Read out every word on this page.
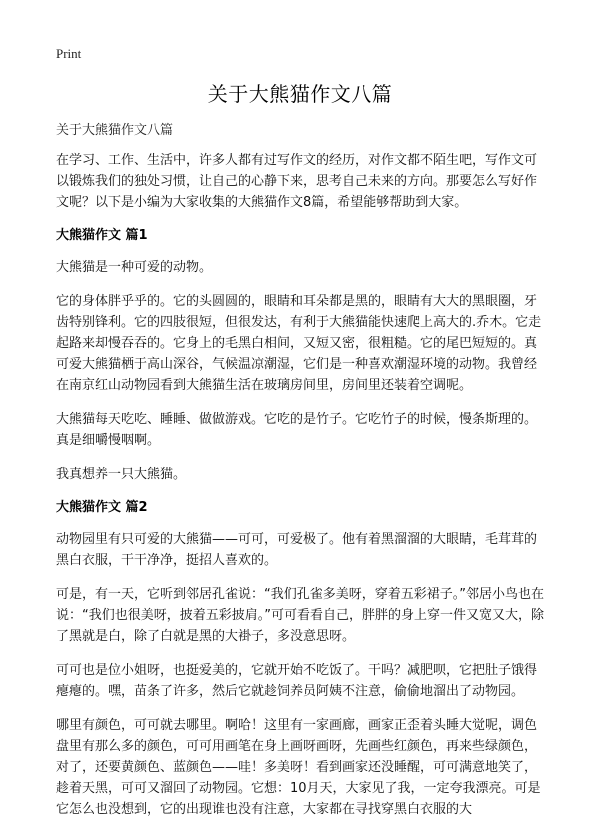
Print
关于大熊猫作文八篇
关于大熊猫作文八篇

在学习、工作、生活中，许多人都有过写作文的经历，对作文都不陌生吧，写作文可以锻炼我们的独处习惯，让自己的心静下来，思考自己未来的方向。那要怎么写好作文呢？以下是小编为大家收集的大熊猫作文8篇，希望能够帮助到大家。

大熊猫作文 篇1

大熊猫是一种可爱的动物。

它的身体胖乎乎的。它的头圆圆的，眼睛和耳朵都是黑的，眼睛有大大的黑眼圈，牙齿特别锋利。它的四肢很短，但很发达，有利于大熊猫能快速爬上高大的.乔木。它走起路来却慢吞吞的。它身上的毛黑白相间，又短又密，很粗糙。它的尾巴短短的。真可爱大熊猫栖于高山深谷，气候温凉潮湿，它们是一种喜欢潮湿环境的动物。我曾经在南京红山动物园看到大熊猫生活在玻璃房间里，房间里还装着空调呢。

大熊猫每天吃吃、睡睡、做做游戏。它吃的是竹子。它吃竹子的时候，慢条斯理的。真是细嚼慢咽啊。

我真想养一只大熊猫。

大熊猫作文 篇2

动物园里有只可爱的大熊猫——可可，可爱极了。他有着黑溜溜的大眼睛，毛茸茸的黑白衣服，干干净净，挺招人喜欢的。

可是，有一天，它听到邻居孔雀说：“我们孔雀多美呀，穿着五彩裙子。”邻居小鸟也在说：“我们也很美呀，披着五彩披肩。”可可看看自己，胖胖的身上穿一件又宽又大，除了黑就是白，除了白就是黑的大褂子，多没意思呀。

可可也是位小姐呀，也挺爱美的，它就开始不吃饭了。干吗？减肥呗，它把肚子饿得瘪瘪的。嘿，苗条了许多，然后它就趁饲养员阿姨不注意，偷偷地溜出了动物园。

哪里有颜色，可可就去哪里。啊哈！这里有一家画廊，画家正歪着头睡大觉呢，调色盘里有那么多的颜色，可可用画笔在身上画呀画呀，先画些红颜色，再来些绿颜色，对了，还要黄颜色、蓝颜色——哇！多美呀！看到画家还没睡醒，可可满意地笑了，趁着天黑，可可又溜回了动物园。它想：10月天，大家见了我，一定夸我漂亮。可是它怎么也没想到，它的出现谁也没有注意，大家都在寻找穿黑白衣服的大
